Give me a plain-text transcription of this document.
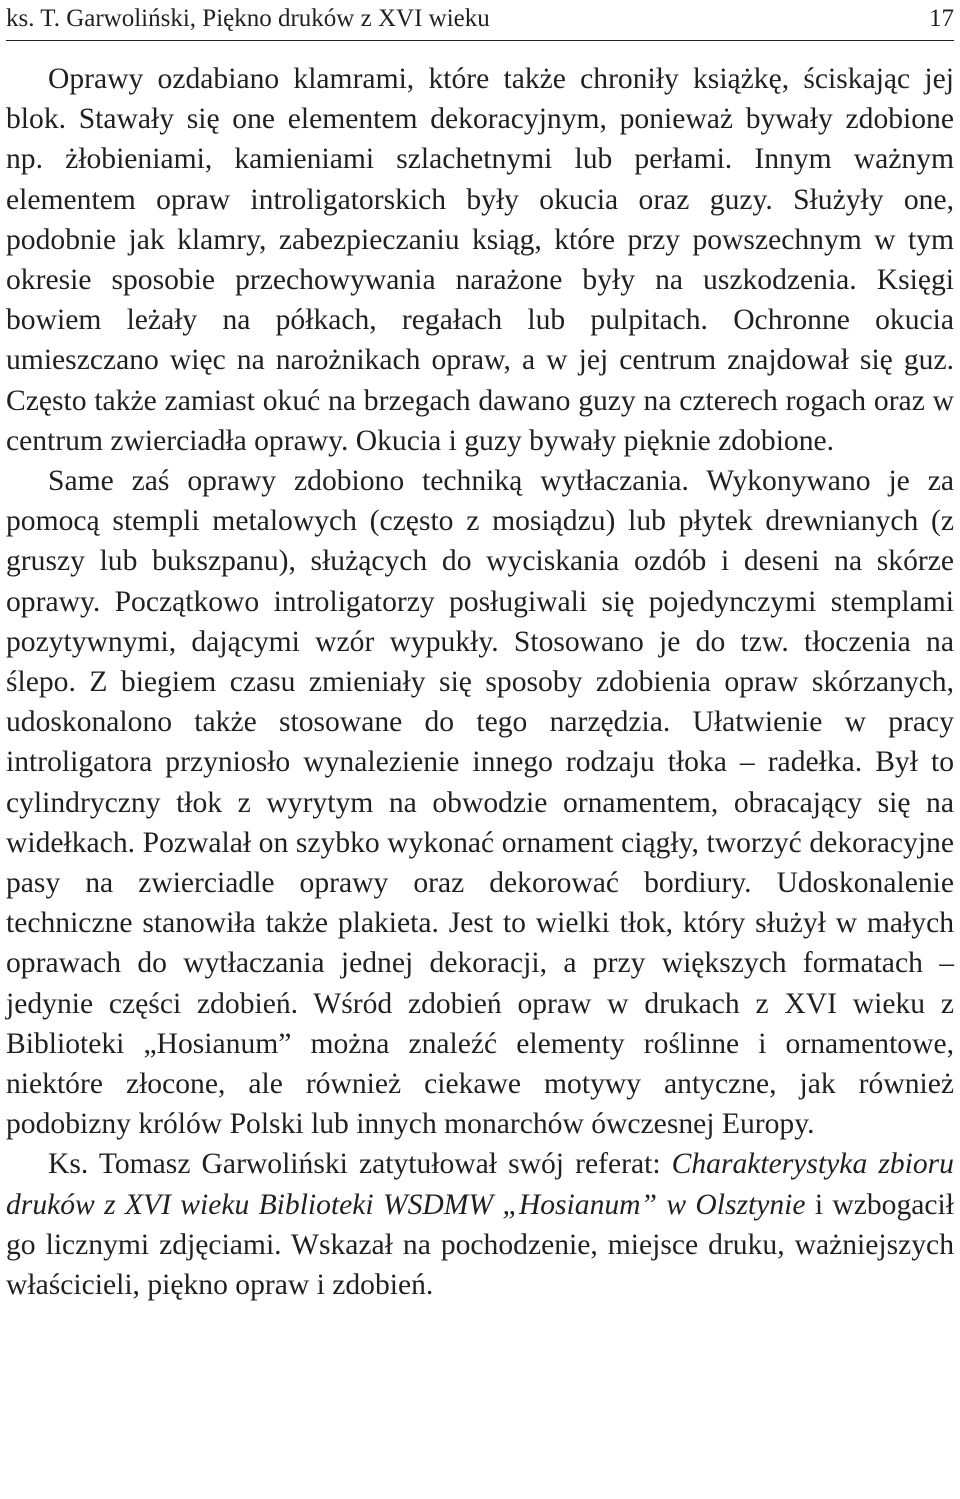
ks. T. Garwoliński, Piękno druków z XVI wieku	17

Oprawy ozdabiano klamrami, które także chroniły książkę, ściskając jej blok. Stawały się one elementem dekoracyjnym, ponieważ bywały zdobione np. żłobieniami, kamieniami szlachetnymi lub perłami. Innym ważnym elementem opraw introligatorskich były okucia oraz guzy. Służyły one, podobnie jak klamry, zabezpieczaniu ksiąg, które przy powszechnym w tym okresie sposobie przechowywania narażone były na uszkodzenia. Księgi bowiem leżały na półkach, regałach lub pulpitach. Ochronne okucia umieszczano więc na narożnikach opraw, a w jej centrum znajdował się guz. Często także zamiast okuć na brzegach dawano guzy na czterech rogach oraz w centrum zwierciadła oprawy. Okucia i guzy bywały pięknie zdobione.

Same zaś oprawy zdobiono techniką wytłaczania. Wykonywano je za pomocą stempli metalowych (często z mosiądzu) lub płytek drewnianych (z gruszy lub bukszpanu), służących do wyciskania ozdób i deseni na skórze oprawy. Początkowo introligatorzy posługiwali się pojedynczymi stemplami pozytywnymi, dającymi wzór wypukły. Stosowano je do tzw. tłoczenia na ślepo. Z biegiem czasu zmieniały się sposoby zdobienia opraw skórzanych, udoskonalono także stosowane do tego narzędzia. Ułatwienie w pracy introligatora przyniosło wynalezienie innego rodzaju tłoka – radełka. Był to cylindryczny tłok z wyrytym na obwodzie ornamentem, obracający się na widełkach. Pozwalał on szybko wykonać ornament ciągły, tworzyć dekoracyjne pasy na zwierciadle oprawy oraz dekorować bordiury. Udoskonalenie techniczne stanowiła także plakieta. Jest to wielki tłok, który służył w małych oprawach do wytłaczania jednej dekoracji, a przy większych formatach – jedynie części zdobień. Wśród zdobień opraw w drukach z XVI wieku z Biblioteki „Hosianum” można znaleźć elementy roślinne i ornamentowe, niektóre złocone, ale również ciekawe motywy antyczne, jak również podobizny królów Polski lub innych monarchów ówczesnej Europy.

Ks. Tomasz Garwoliński zatytułował swój referat: Charakterystyka zbioru druków z XVI wieku Biblioteki WSDMW „Hosianum” w Olsztynie i wzbogacił go licznymi zdjęciami. Wskazał na pochodzenie, miejsce druku, ważniejszych właścicieli, piękno opraw i zdobień.
